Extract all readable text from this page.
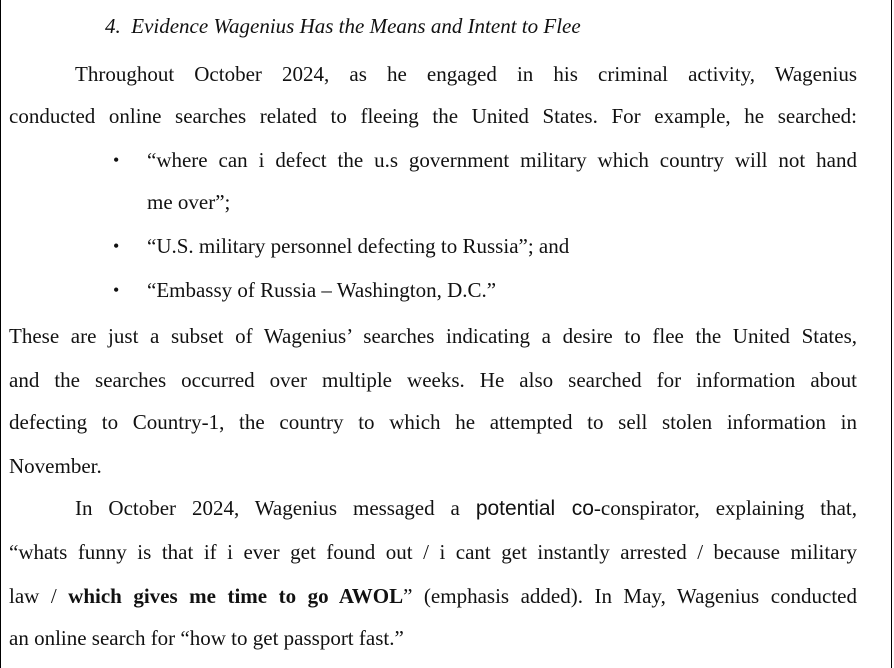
4. Evidence Wagenius Has the Means and Intent to Flee
Throughout October 2024, as he engaged in his criminal activity, Wagenius
conducted online searches related to fleeing the United States. For example, he searched:
• “where can i defect the u.s government military which country will not hand
me over”;
• “U.S. military personnel defecting to Russia”; and
• “Embassy of Russia – Washington, D.C.”
These are just a subset of Wagenius’ searches indicating a desire to flee the United States,
and the searches occurred over multiple weeks. He also searched for information about
defecting to Country-1, the country to which he attempted to sell stolen information in
November.
In October 2024, Wagenius messaged a potential co-conspirator, explaining that,
“whats funny is that if i ever get found out / i cant get instantly arrested / because military
law / which gives me time to go AWOL” (emphasis added). In May, Wagenius conducted
an online search for “how to get passport fast.”
